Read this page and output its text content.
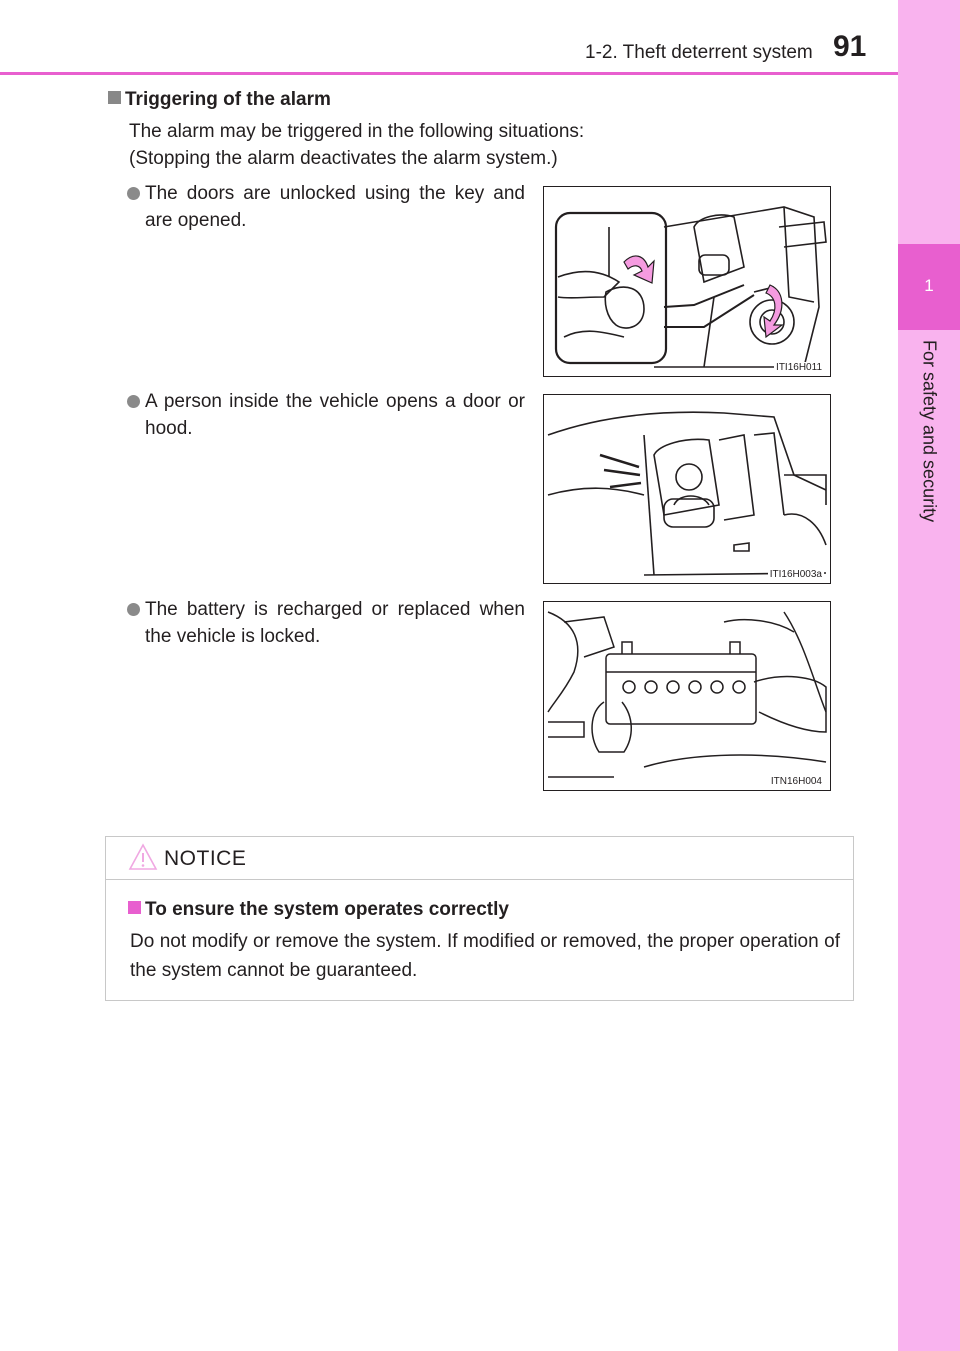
1
For safety and security
1-2. Theft deterrent system 91
Triggering of the alarm
The alarm may be triggered in the following situations:
(Stopping the alarm deactivates the alarm system.)
The doors are unlocked using the key and are opened.
ITI16H011
A person inside the vehicle opens a door or hood.
ITI16H003a
The battery is recharged or replaced when the vehicle is locked.
ITN16H004
NOTICE
To ensure the system operates correctly
Do not modify or remove the system. If modified or removed, the proper operation of the system cannot be guaranteed.
